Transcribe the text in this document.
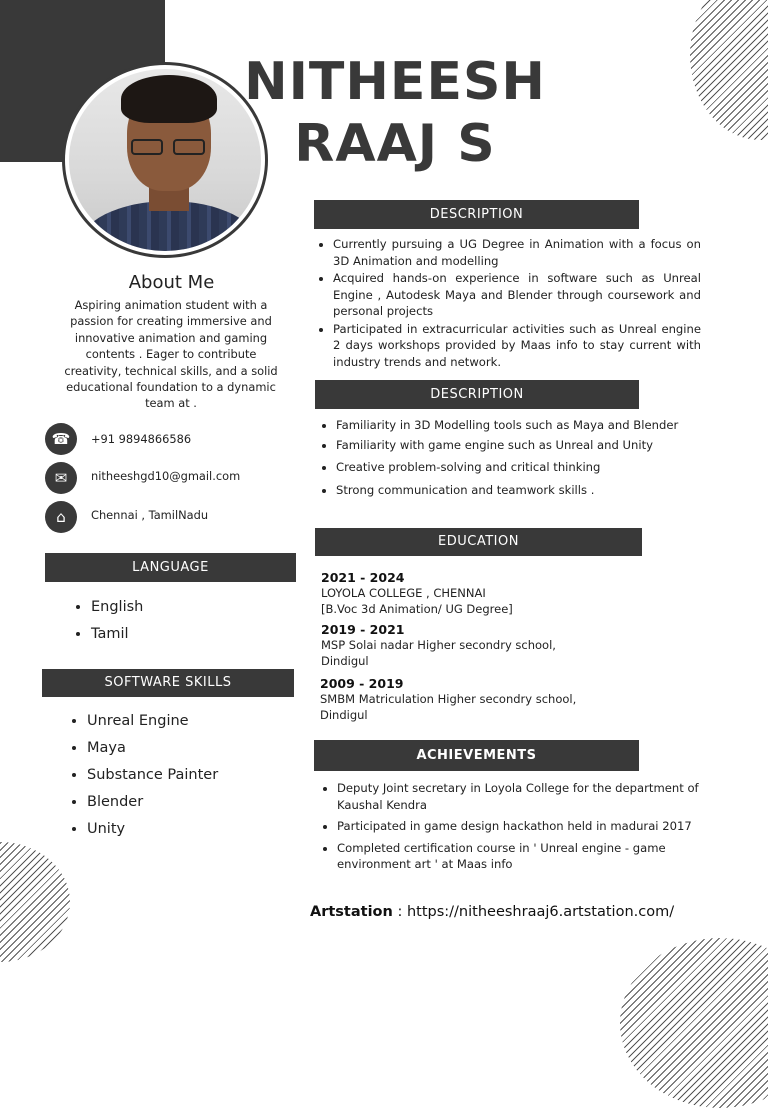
NITHEESH
RAAJ S
About Me
Aspiring animation student with a passion for creating immersive and innovative animation and gaming contents . Eager to contribute creativity, technical skills, and a solid educational foundation to a dynamic team at .
☎	+91 9894866586
✉	nitheeshgd10@gmail.com
⌂	Chennai , TamilNadu
LANGUAGE
• English
• Tamil
SOFTWARE SKILLS
• Unreal Engine
• Maya
• Substance Painter
• Blender
• Unity
DESCRIPTION
• Currently pursuing a UG Degree in Animation with a focus on 3D Animation and modelling
• Acquired hands-on experience in software such as Unreal Engine , Autodesk Maya and Blender through coursework and personal projects
• Participated in extracurricular activities such as Unreal engine 2 days workshops provided by Maas info to stay current with industry trends and network.
DESCRIPTION
• Familiarity in 3D Modelling tools such as Maya and Blender
• Familiarity with game engine such as Unreal and Unity
• Creative problem-solving and critical thinking
• Strong communication and teamwork skills .
EDUCATION
2021 - 2024
LOYOLA COLLEGE , CHENNAI
[B.Voc 3d Animation/ UG Degree]
2019 - 2021
MSP Solai nadar Higher secondry school,
Dindigul
2009 - 2019
SMBM Matriculation Higher secondry school,
Dindigul
ACHIEVEMENTS
• Deputy Joint secretary in Loyola College for the department of Kaushal Kendra
• Participated in game design hackathon held in madurai 2017
• Completed certification course in ' Unreal engine - game environment art ' at Maas info
Artstation : https://nitheeshraaj6.artstation.com/
